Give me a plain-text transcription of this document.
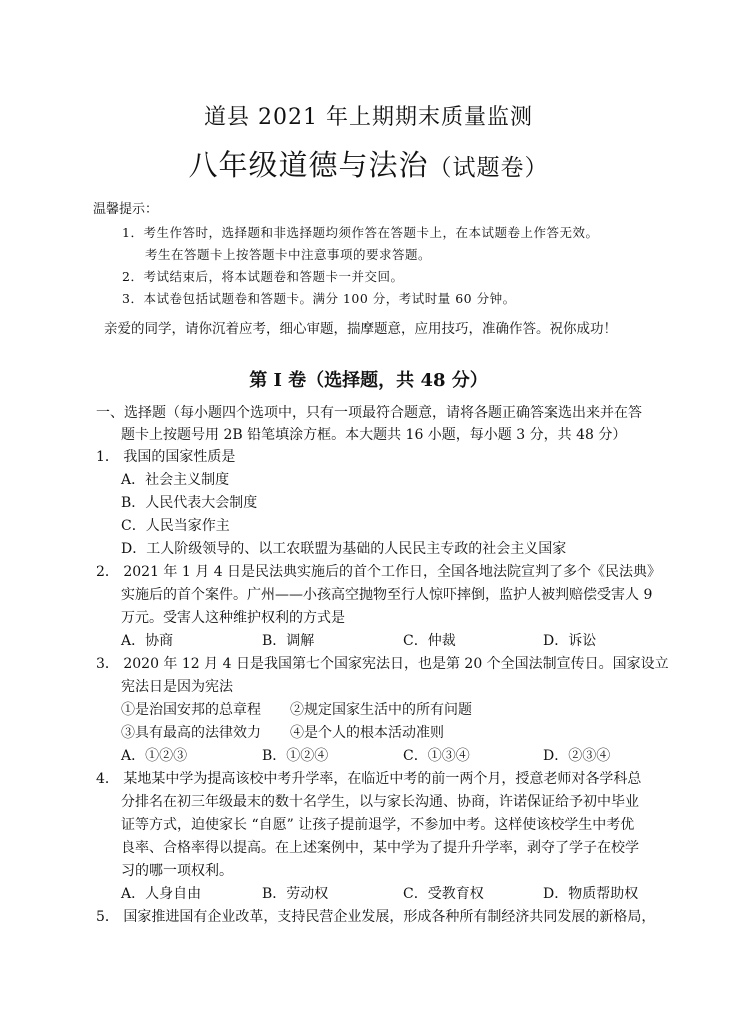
道县 2021 年上期期末质量监测
八年级道德与法治（试题卷）
温馨提示：
1．考生作答时，选择题和非选择题均须作答在答题卡上，在本试题卷上作答无效。
考生在答题卡上按答题卡中注意事项的要求答题。
2．考试结束后，将本试题卷和答题卡一并交回。
3．本试卷包括试题卷和答题卡。满分 100 分，考试时量 60 分钟。
亲爱的同学，请你沉着应考，细心审题，揣摩题意，应用技巧，准确作答。祝你成功！
第 I 卷（选择题，共 48 分）
一、选择题（每小题四个选项中，只有一项最符合题意，请将各题正确答案选出来并在答
题卡上按题号用 2B 铅笔填涂方框。本大题共 16 小题，每小题 3 分，共 48 分）
1． 我国的国家性质是
A．社会主义制度
B．人民代表大会制度
C．人民当家作主
D．工人阶级领导的、以工农联盟为基础的人民民主专政的社会主义国家
2． 2021 年 1 月 4 日是民法典实施后的首个工作日，全国各地法院宣判了多个《民法典》
实施后的首个案件。广州——小孩高空抛物至行人惊吓摔倒，监护人被判赔偿受害人 9
万元。受害人这种维护权利的方式是
A．协商	B．调解	C．仲裁	D．诉讼
3． 2020 年 12 月 4 日是我国第七个国家宪法日，也是第 20 个全国法制宣传日。国家设立
宪法日是因为宪法
①是治国安邦的总章程 ②规定国家生活中的所有问题
③具有最高的法律效力 ④是个人的根本活动准则
A．①②③	B．①②④	C．①③④	D．②③④
4． 某地某中学为提高该校中考升学率，在临近中考的前一两个月，授意老师对各学科总
分排名在初三年级最末的数十名学生，以与家长沟通、协商，许诺保证给予初中毕业
证等方式，迫使家长 “自愿” 让孩子提前退学，不参加中考。这样使该校学生中考优
良率、合格率得以提高。在上述案例中，某中学为了提升升学率，剥夺了学子在校学
习的哪一项权利。
A．人身自由	B．劳动权	C．受教育权	D．物质帮助权
5． 国家推进国有企业改革，支持民营企业发展，形成各种所有制经济共同发展的新格局，
